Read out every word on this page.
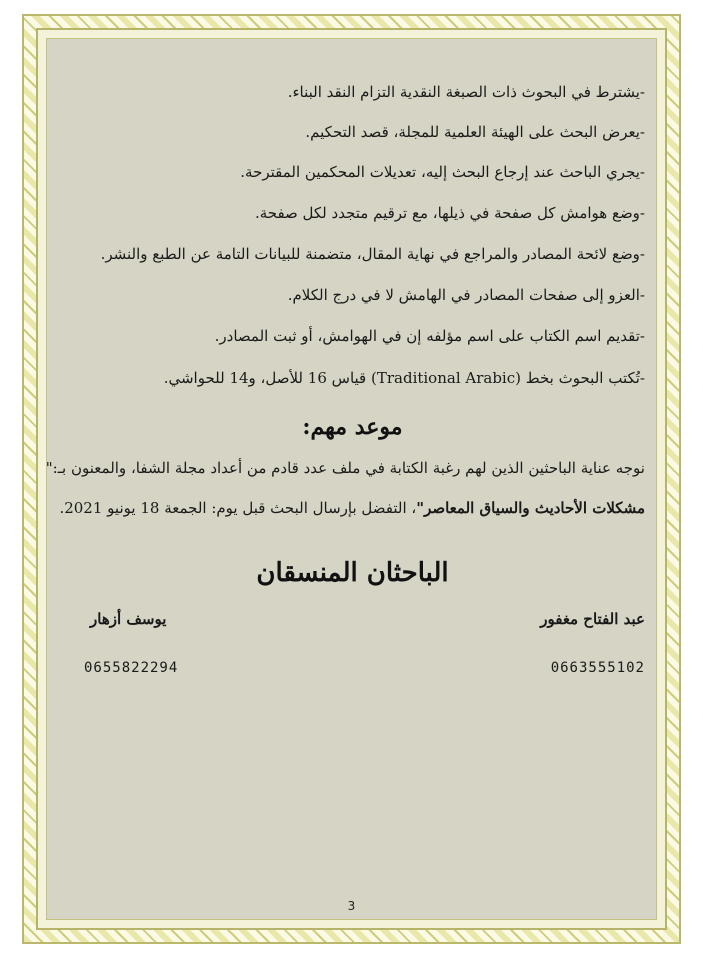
-يشترط في البحوث ذات الصبغة النقدية التزام النقد البناء.
-يعرض البحث على الهيئة العلمية للمجلة، قصد التحكيم.
-يجري الباحث عند إرجاع البحث إليه، تعديلات المحكمين المقترحة.
-وضع هوامش كل صفحة في ذيلها، مع ترقيم متجدد لكل صفحة.
-وضع لائحة المصادر والمراجع في نهاية المقال، متضمنة للبيانات التامة عن الطبع والنشر.
-العزو إلى صفحات المصادر في الهامش لا في درج الكلام.
-تقديم اسم الكتاب على اسم مؤلفه إن في الهوامش، أو ثبت المصادر.
-تُكتب البحوث بخط (Traditional Arabic) قياس 16 للأصل، و14 للحواشي.
موعد مهم:
نوجه عناية الباحثين الذين لهم رغبة الكتابة في ملف عدد قادم من أعداد مجلة الشفا، والمعنون بـ:"
مشكلات الأحاديث والسياق المعاصر"، التفضل بإرسال البحث قبل يوم: الجمعة 18 يونيو 2021.
الباحثان المنسقان
عبد الفتاح مغفور
يوسف أزهار
0663555102
0655822294
3
